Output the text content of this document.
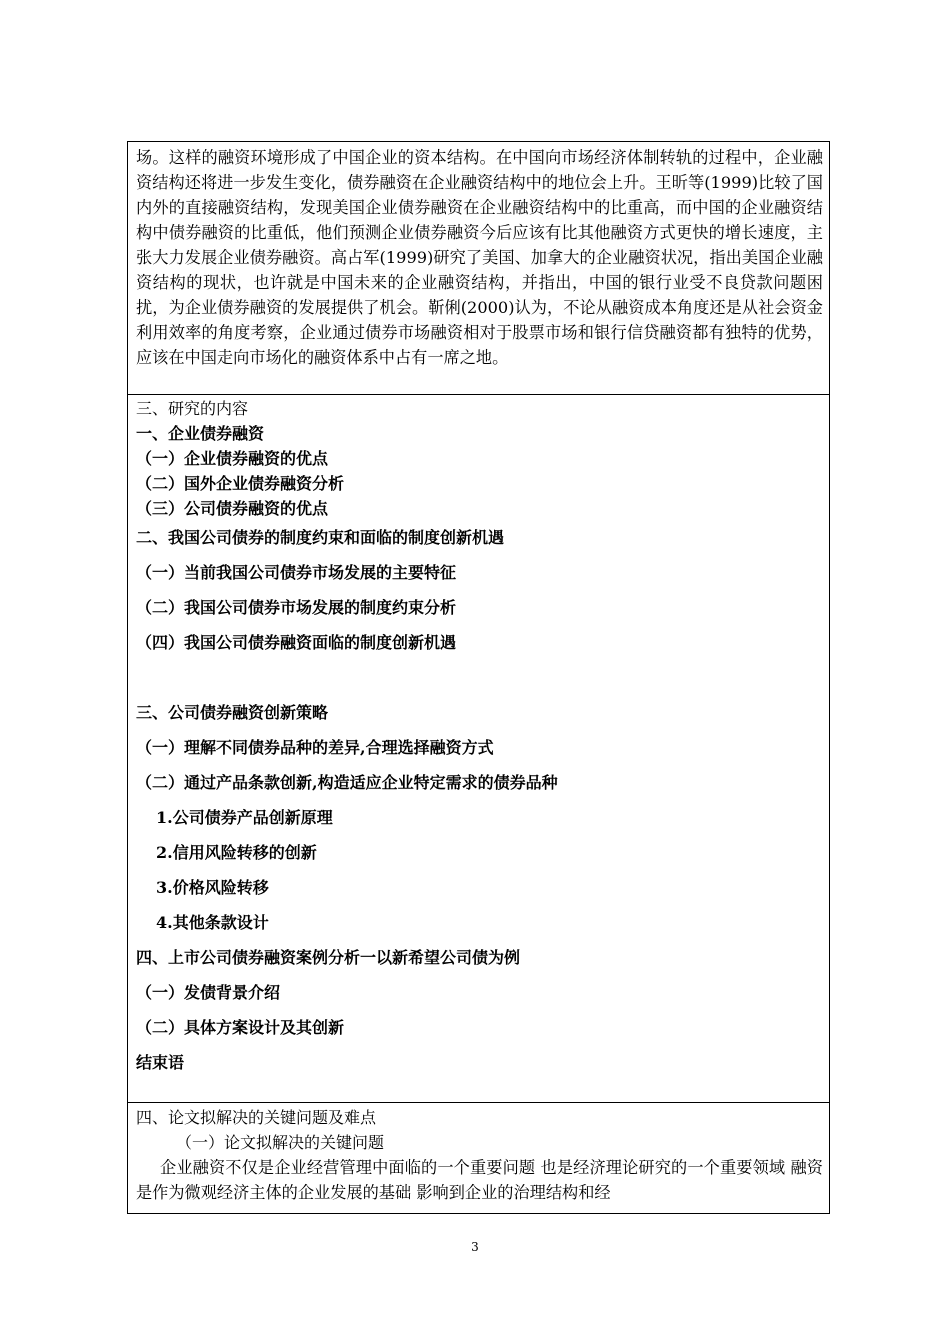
场。这样的融资环境形成了中国企业的资本结构。在中国向市场经济体制转轨的过程中，企业融资结构还将进一步发生变化，债券融资在企业融资结构中的地位会上升。王昕等(1999)比较了国内外的直接融资结构，发现美国企业债券融资在企业融资结构中的比重高，而中国的企业融资结构中债券融资的比重低，他们预测企业债券融资今后应该有比其他融资方式更快的增长速度，主张大力发展企业债券融资。高占军(1999)研究了美国、加拿大的企业融资状况，指出美国企业融资结构的现状，也许就是中国未来的企业融资结构，并指出，中国的银行业受不良贷款问题困扰，为企业债券融资的发展提供了机会。靳俐(2000)认为，不论从融资成本角度还是从社会资金利用效率的角度考察，企业通过债券市场融资相对于股票市场和银行信贷融资都有独特的优势，应该在中国走向市场化的融资体系中占有一席之地。

三、研究的内容

一、企业债券融资

（一）企业债券融资的优点

（二）国外企业债券融资分析

（三）公司债券融资的优点

二、我国公司债券的制度约束和面临的制度创新机遇

（一）当前我国公司债券市场发展的主要特征

（二）我国公司债券市场发展的制度约束分析

（四）我国公司债券融资面临的制度创新机遇

三、公司债券融资创新策略

（一）理解不同债券品种的差异,合理选择融资方式

（二）通过产品条款创新,构造适应企业特定需求的债券品种

1.公司债券产品创新原理

2.信用风险转移的创新

3.价格风险转移

4.其他条款设计

四、上市公司债券融资案例分析一以新希望公司债为例

（一）发债背景介绍

（二）具体方案设计及其创新

结束语

四、论文拟解决的关键问题及难点

（一）论文拟解决的关键问题

企业融资不仅是企业经营管理中面临的一个重要问题 也是经济理论研究的一个重要领域 融资是作为微观经济主体的企业发展的基础 影响到企业的治理结构和经

3
